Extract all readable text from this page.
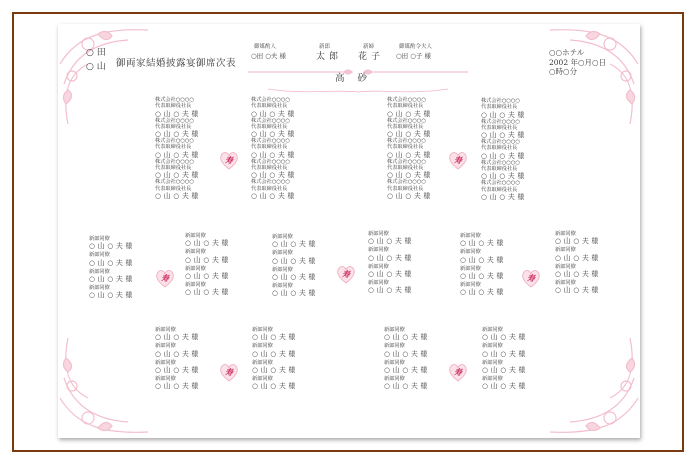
○ 田
○ 山 御両家結婚披露宴御席次表
御媒酌人
○田 ○夫 様
新郎
太郎
新婦
花子
御媒酌令夫人
○田 ○子 様
高 砂
○○ホテル
2002 年○月○日
○時○分
株式会社○○○○
代表取締役社長
○ 山 ○ 夫 様
株式会社○○○○
代表取締役社長
○ 山 ○ 夫 様
株式会社○○○○
代表取締役社長
○ 山 ○ 夫 様
株式会社○○○○
代表取締役社長
○ 山 ○ 夫 様
株式会社○○○○
代表取締役社長
○ 山 ○ 夫 様
株式会社○○○○
代表取締役社長
○ 山 ○ 夫 様
株式会社○○○○
代表取締役社長
○ 山 ○ 夫 様
株式会社○○○○
代表取締役社長
○ 山 ○ 夫 様
株式会社○○○○
代表取締役社長
○ 山 ○ 夫 様
株式会社○○○○
代表取締役社長
○ 山 ○ 夫 様
株式会社○○○○
代表取締役社長
○ 山 ○ 夫 様
株式会社○○○○
代表取締役社長
○ 山 ○ 夫 様
株式会社○○○○
代表取締役社長
○ 山 ○ 夫 様
株式会社○○○○
代表取締役社長
○ 山 ○ 夫 様
株式会社○○○○
代表取締役社長
○ 山 ○ 夫 様
株式会社○○○○
代表取締役社長
○ 山 ○ 夫 様
株式会社○○○○
代表取締役社長
○ 山 ○ 夫 様
株式会社○○○○
代表取締役社長
○ 山 ○ 夫 様
株式会社○○○○
代表取締役社長
○ 山 ○ 夫 様
株式会社○○○○
代表取締役社長
○ 山 ○ 夫 様
新郎同僚
○ 山 ○ 夫 様
新郎同僚
○ 山 ○ 夫 様
新郎同僚
○ 山 ○ 夫 様
新郎同僚
○ 山 ○ 夫 様
新郎同僚
○ 山 ○ 夫 様
新郎同僚
○ 山 ○ 夫 様
新郎同僚
○ 山 ○ 夫 様
新郎同僚
○ 山 ○ 夫 様
新郎同僚
○ 山 ○ 夫 様
新郎同僚
○ 山 ○ 夫 様
新郎同僚
○ 山 ○ 夫 様
新郎同僚
○ 山 ○ 夫 様
新郎同僚
○ 山 ○ 夫 様
新郎同僚
○ 山 ○ 夫 様
新郎同僚
○ 山 ○ 夫 様
新郎同僚
○ 山 ○ 夫 様
新郎同僚
○ 山 ○ 夫 様
新郎同僚
○ 山 ○ 夫 様
新郎同僚
○ 山 ○ 夫 様
新郎同僚
○ 山 ○ 夫 様
新郎同僚
○ 山 ○ 夫 様
新郎同僚
○ 山 ○ 夫 様
新郎同僚
○ 山 ○ 夫 様
新郎同僚
○ 山 ○ 夫 様
新郎同僚
○ 山 ○ 夫 様
新郎同僚
○ 山 ○ 夫 様
新郎同僚
○ 山 ○ 夫 様
新郎同僚
○ 山 ○ 夫 様
新郎同僚
○ 山 ○ 夫 様
新郎同僚
○ 山 ○ 夫 様
新郎同僚
○ 山 ○ 夫 様
新郎同僚
○ 山 ○ 夫 様
新郎同僚
○ 山 ○ 夫 様
新郎同僚
○ 山 ○ 夫 様
新郎同僚
○ 山 ○ 夫 様
新郎同僚
○ 山 ○ 夫 様
新郎同僚
○ 山 ○ 夫 様
新郎同僚
○ 山 ○ 夫 様
新郎同僚
○ 山 ○ 夫 様
新郎同僚
○ 山 ○ 夫 様
寿	寿
寿	寿	寿
寿	寿
